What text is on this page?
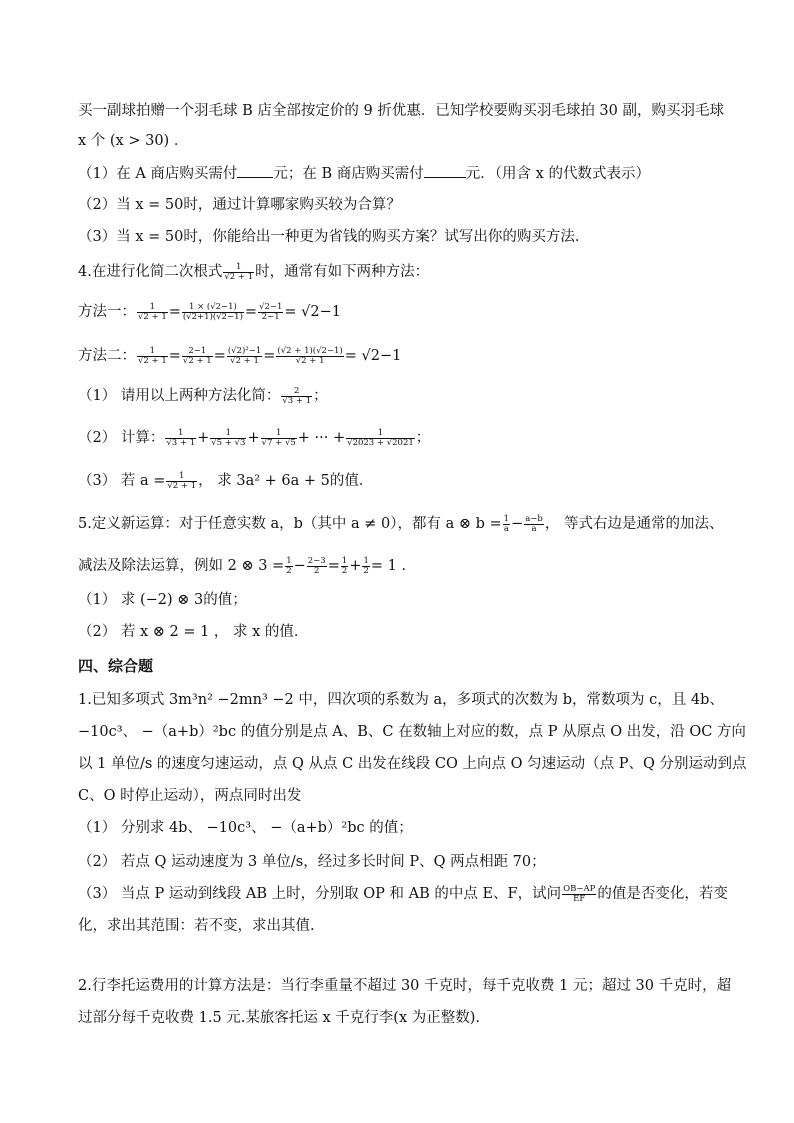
买一副球拍赠一个羽毛球 B 店全部按定价的 9 折优惠．已知学校要购买羽毛球拍 30 副，购买羽毛球
x 个 (x > 30) ．
（1）在 A 商店购买需付 元；在 B 商店购买需付	元．（用含 x 的代数式表示）
（2）当 x = 50时，通过计算哪家购买较为合算？
（3）当 x = 50时，你能给出一种更为省钱的购买方案？试写出你的购买方法．
4.在进行化简二次根式 $\frac{1}{√2 + 1}$ 时，通常有如下两种方法：
方法一： $\frac{1}{√2 + 1} = \frac{1 \times (√2-1)}{(√2+1)(√2-1)} = \frac{√2-1}{2-1} = √2-1$
方法二： $\frac{1}{√2 + 1} = \frac{2-1}{√2 + 1} = \frac{\text{(√2)²−1}}{√2 + 1} = \frac{(√2 + 1)(√2-1)}{√2 + 1} = √2-1$
（1） 请用以上两种方法化简： $\frac{2}{√3 + 1}$ ；
（2） 计算： $\frac{1}{√3 + 1} + \frac{1}{√5 + √3} + \frac{1}{√7 + √5}$ + ··· + $\frac{1}{√2023 + √2021}$ ；
（3） 若 $a = \frac{1}{√2 + 1}$ ， 求 3a² + 6a + 5的值．
5.定义新运算：对于任意实数 a，b（其中 a ≠ 0），都有 a ⊗ $b = \frac{1}{a} - \frac{a-b}{a}$ ， 等式右边是通常的加法、
减法及除法运算，例如 2 ⊗ $3 = \frac{1}{2} - \frac{2-3}{2} = \frac{1}{2} + \frac{1}{2} = 1$ ．
（1） 求 (−2) ⊗ 3的值；
（2） 若 x ⊗ 2 = 1 ， 求 x 的值．
四、综合题
1.已知多项式 3m³n² −2mn³ −2 中，四次项的系数为 a，多项式的次数为 b，常数项为 c，且 4b、
−10c³、 −（a+b）²bc 的值分别是点 A、B、C 在数轴上对应的数，点 P 从原点 O 出发，沿 OC 方向
以 1 单位/s 的速度匀速运动，点 Q 从点 C 出发在线段 CO 上向点 O 匀速运动（点 P、Q 分别运动到点
C、O 时停止运动），两点同时出发
（1） 分别求 4b、 −10c³、 −（a+b）²bc 的值；
（2） 若点 Q 运动速度为 3 单位/s，经过多长时间 P、Q 两点相距 70；
（3） 当点 P 运动到线段 AB 上时，分别取 OP 和 AB 的中点 E、F，试问 $\frac{OB-AP}{EF}$ 的值是否变化，若变
化，求出其范围：若不变，求出其值.
2.行李托运费用的计算方法是：当行李重量不超过 30 千克时，每千克收费 1 元；超过 30 千克时，超
过部分每千克收费 1.5 元.某旅客托运 x 千克行李(x 为正整数).
